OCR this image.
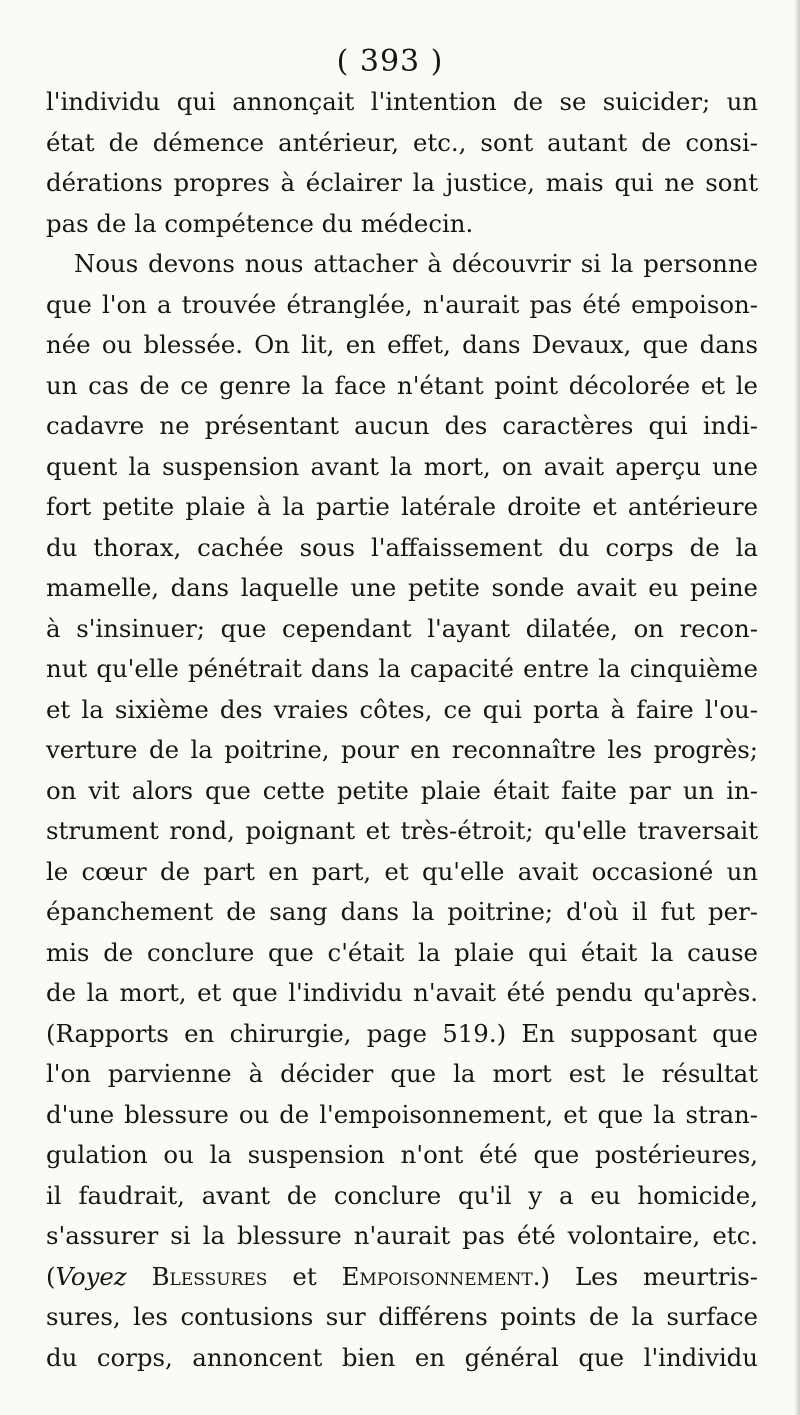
( 393 )
l'individu qui annonçait l'intention de se suicider; un
état de démence antérieur, etc., sont autant de consi-
dérations propres à éclairer la justice, mais qui ne sont
pas de la compétence du médecin.
Nous devons nous attacher à découvrir si la personne
que l'on a trouvée étranglée, n'aurait pas été empoison-
née ou blessée. On lit, en effet, dans Devaux, que dans
un cas de ce genre la face n'étant point décolorée et le
cadavre ne présentant aucun des caractères qui indi-
quent la suspension avant la mort, on avait aperçu une
fort petite plaie à la partie latérale droite et antérieure
du thorax, cachée sous l'affaissement du corps de la
mamelle, dans laquelle une petite sonde avait eu peine
à s'insinuer; que cependant l'ayant dilatée, on recon-
nut qu'elle pénétrait dans la capacité entre la cinquième
et la sixième des vraies côtes, ce qui porta à faire l'ou-
verture de la poitrine, pour en reconnaître les progrès;
on vit alors que cette petite plaie était faite par un in-
strument rond, poignant et très-étroit; qu'elle traversait
le cœur de part en part, et qu'elle avait occasioné un
épanchement de sang dans la poitrine; d'où il fut per-
mis de conclure que c'était la plaie qui était la cause
de la mort, et que l'individu n'avait été pendu qu'après.
(Rapports en chirurgie, page 519.) En supposant que
l'on parvienne à décider que la mort est le résultat
d'une blessure ou de l'empoisonnement, et que la stran-
gulation ou la suspension n'ont été que postérieures,
il faudrait, avant de conclure qu'il y a eu homicide,
s'assurer si la blessure n'aurait pas été volontaire, etc.
(Voyez Blessures et Empoisonnement.) Les meurtris-
sures, les contusions sur différens points de la surface
du corps, annoncent bien en général que l'individu
